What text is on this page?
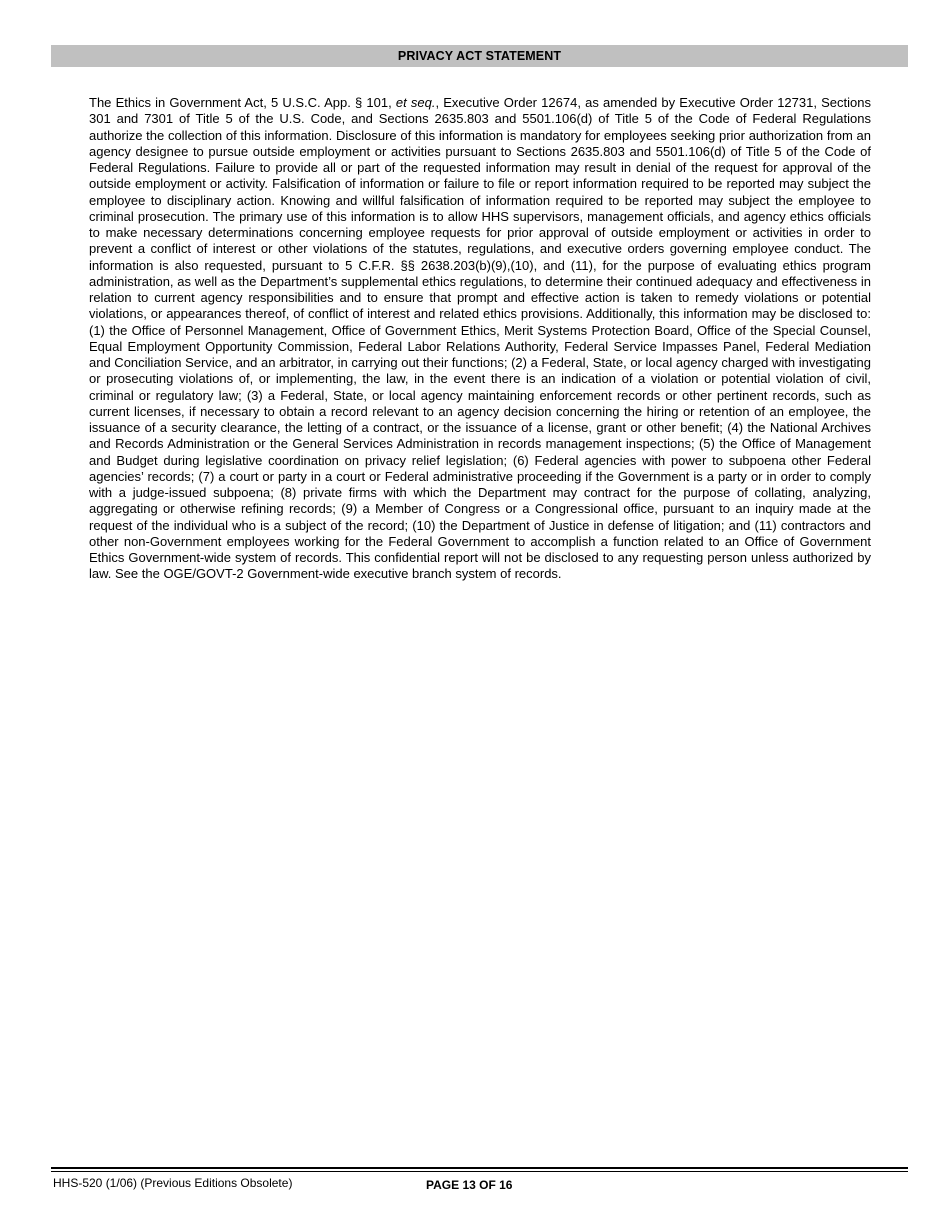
PRIVACY ACT STATEMENT

The Ethics in Government Act, 5 U.S.C. App. § 101, et seq., Executive Order 12674, as amended by Executive Order 12731, Sections 301 and 7301 of Title 5 of the U.S. Code, and Sections 2635.803 and 5501.106(d) of Title 5 of the Code of Federal Regulations authorize the collection of this information. Disclosure of this information is mandatory for employees seeking prior authorization from an agency designee to pursue outside employment or activities pursuant to Sections 2635.803 and 5501.106(d) of Title 5 of the Code of Federal Regulations. Failure to provide all or part of the requested information may result in denial of the request for approval of the outside employment or activity. Falsification of information or failure to file or report information required to be reported may subject the employee to disciplinary action. Knowing and willful falsification of information required to be reported may subject the employee to criminal prosecution. The primary use of this information is to allow HHS supervisors, management officials, and agency ethics officials to make necessary determinations concerning employee requests for prior approval of outside employment or activities in order to prevent a conflict of interest or other violations of the statutes, regulations, and executive orders governing employee conduct. The information is also requested, pursuant to 5 C.F.R. §§ 2638.203(b)(9),(10), and (11), for the purpose of evaluating ethics program administration, as well as the Department’s supplemental ethics regulations, to determine their continued adequacy and effectiveness in relation to current agency responsibilities and to ensure that prompt and effective action is taken to remedy violations or potential violations, or appearances thereof, of conflict of interest and related ethics provisions. Additionally, this information may be disclosed to: (1) the Office of Personnel Management, Office of Government Ethics, Merit Systems Protection Board, Office of the Special Counsel, Equal Employment Opportunity Commission, Federal Labor Relations Authority, Federal Service Impasses Panel, Federal Mediation and Conciliation Service, and an arbitrator, in carrying out their functions; (2) a Federal, State, or local agency charged with investigating or prosecuting violations of, or implementing, the law, in the event there is an indication of a violation or potential violation of civil, criminal or regulatory law; (3) a Federal, State, or local agency maintaining enforcement records or other pertinent records, such as current licenses, if necessary to obtain a record relevant to an agency decision concerning the hiring or retention of an employee, the issuance of a security clearance, the letting of a contract, or the issuance of a license, grant or other benefit; (4) the National Archives and Records Administration or the General Services Administration in records management inspections; (5) the Office of Management and Budget during legislative coordination on privacy relief legislation; (6) Federal agencies with power to subpoena other Federal agencies’ records; (7) a court or party in a court or Federal administrative proceeding if the Government is a party or in order to comply with a judge-issued subpoena; (8) private firms with which the Department may contract for the purpose of collating, analyzing, aggregating or otherwise refining records; (9) a Member of Congress or a Congressional office, pursuant to an inquiry made at the request of the individual who is a subject of the record; (10) the Department of Justice in defense of litigation; and (11) contractors and other non-Government employees working for the Federal Government to accomplish a function related to an Office of Government Ethics Government-wide system of records. This confidential report will not be disclosed to any requesting person unless authorized by law. See the OGE/GOVT-2 Government-wide executive branch system of records.

HHS-520 (1/06) (Previous Editions Obsolete)	PAGE 13 OF 16
